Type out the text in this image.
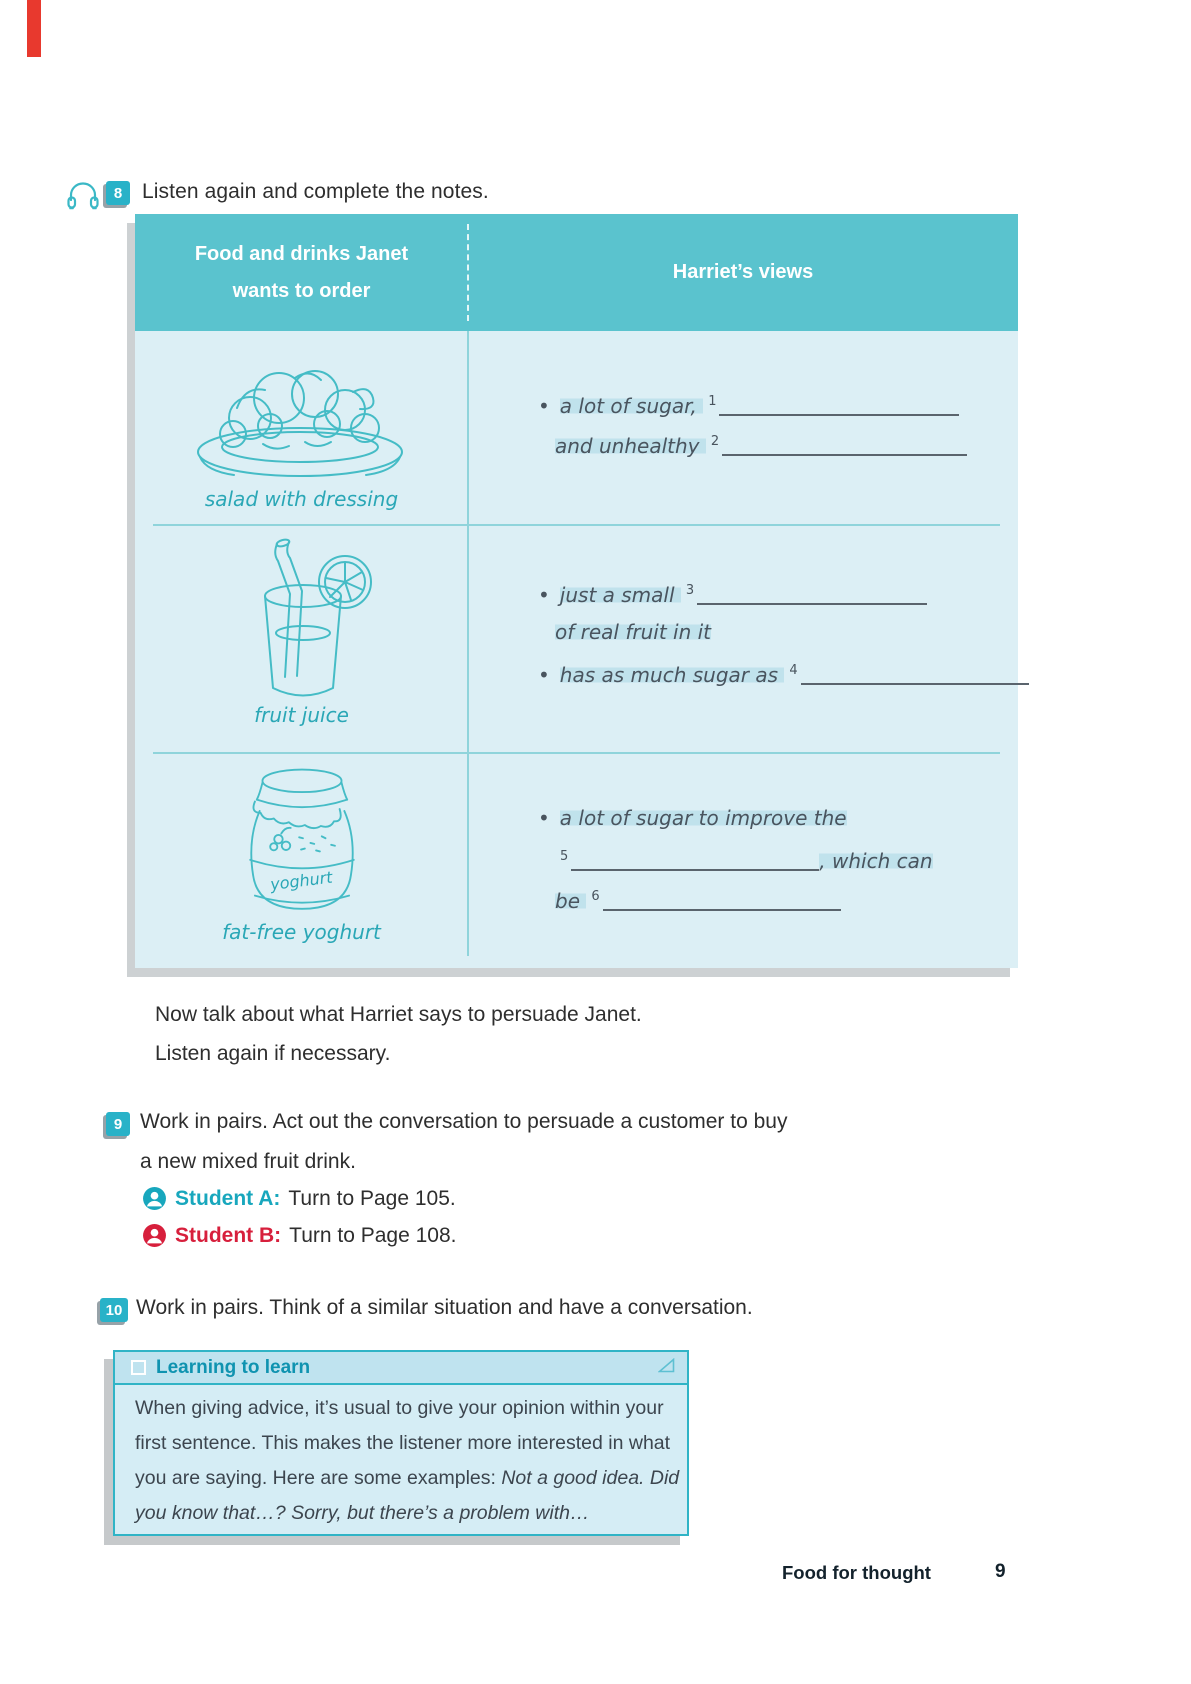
8 Listen again and complete the notes.
Food and drinks Janet
wants to order
Harriet’s views
salad with dressing
fruit juice
yoghurt
fat-free yoghurt
• a lot of sugar, $^1$
and unhealthy $^2$
• just a small $^3$
of real fruit in it
• has as much sugar as $^4$
• a lot of sugar to improve the
$^5$	, which can
be $^6$
Now talk about what Harriet says to persuade Janet.
Listen again if necessary.
9 Work in pairs. Act out the conversation to persuade a customer to buy
a new mixed fruit drink.
Student A: Turn to Page 105.
Student B: Turn to Page 108.
10 Work in pairs. Think of a similar situation and have a conversation.
Learning to learn
When giving advice, it’s usual to give your opinion within your
first sentence. This makes the listener more interested in what
you are saying. Here are some examples: Not a good idea. Did
you know that…? Sorry, but there’s a problem with…
Food for thought	9
